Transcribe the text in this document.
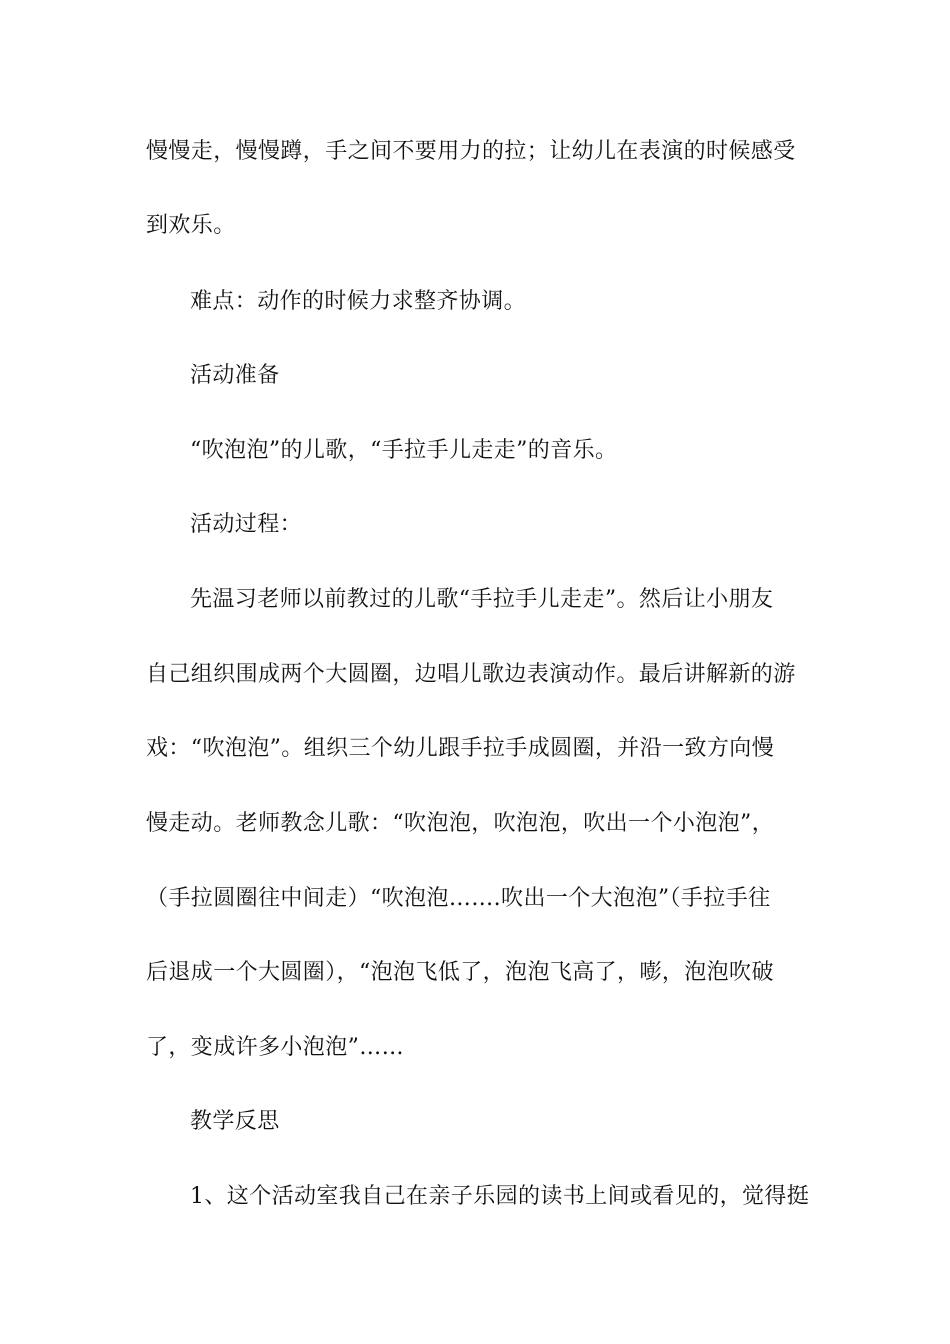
慢慢走，慢慢蹲，手之间不要用力的拉；让幼儿在表演的时候感受
到欢乐。
难点：动作的时候力求整齐协调。
活动准备
“吹泡泡”的儿歌，“手拉手儿走走”的音乐。
活动过程：
先温习老师以前教过的儿歌“手拉手儿走走”。然后让小朋友
自己组织围成两个大圆圈，边唱儿歌边表演动作。最后讲解新的游
戏：“吹泡泡”。组织三个幼儿跟手拉手成圆圈，并沿一致方向慢
慢走动。老师教念儿歌：“吹泡泡，吹泡泡，吹出一个小泡泡”，
（手拉圆圈往中间走）“吹泡泡…….吹出一个大泡泡”（手拉手往
后退成一个大圆圈），“泡泡飞低了，泡泡飞高了，嘭，泡泡吹破
了，变成许多小泡泡”……
教学反思
1、这个活动室我自己在亲子乐园的读书上间或看见的，觉得挺
